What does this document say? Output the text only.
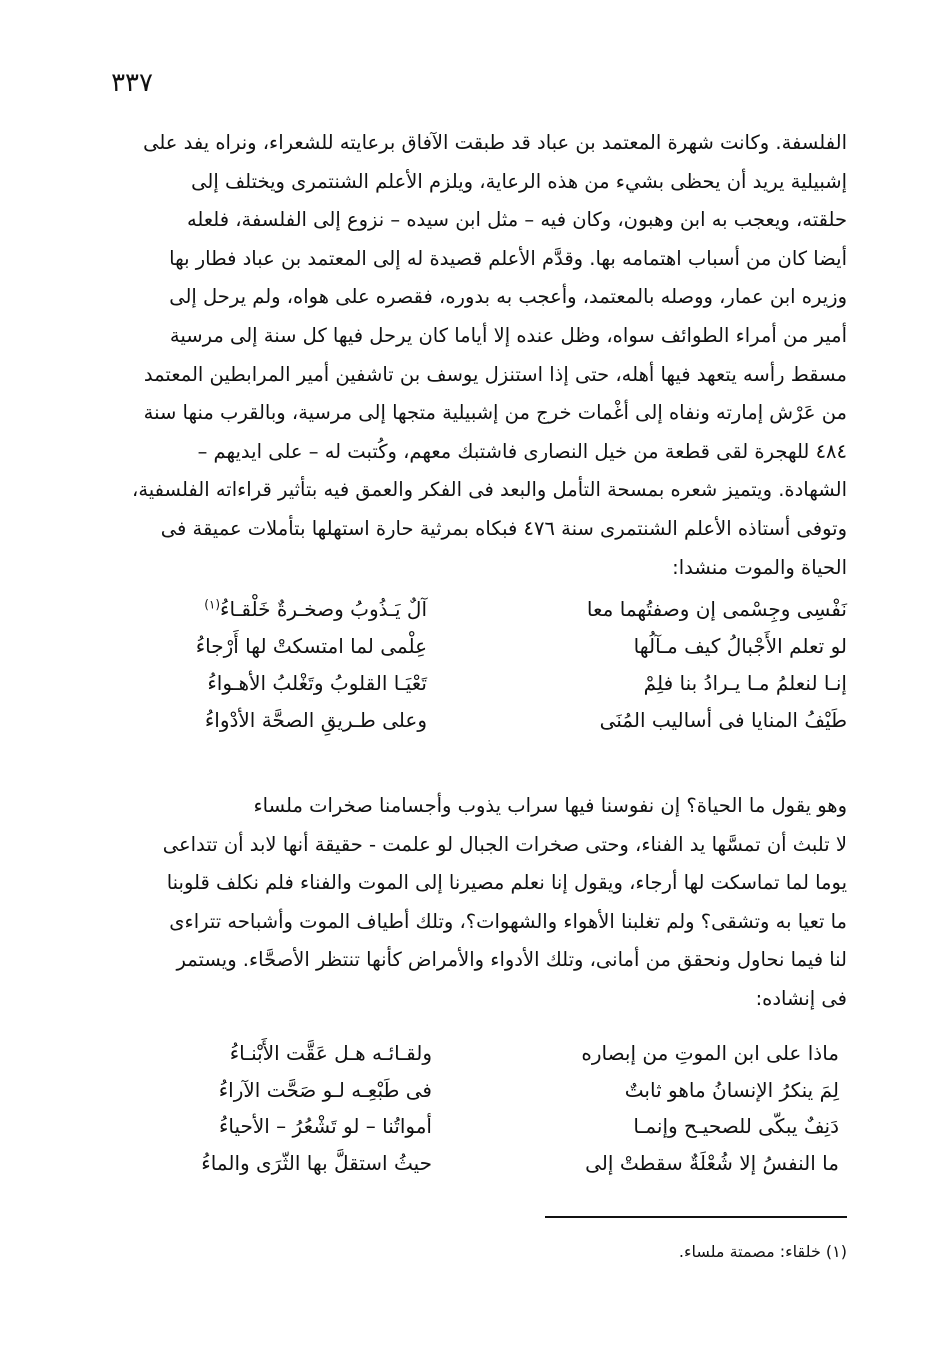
٣٣٧
الفلسفة. وكانت شهرة المعتمد بن عباد قد طبقت الآفاق برعايته للشعراء، ونراه يفد على
إشبيلية يريد أن يحظى بشيء من هذه الرعاية، ويلزم الأعلم الشنتمرى ويختلف إلى
حلقته، ويعجب به ابن وهبون، وكان فيه – مثل ابن سيده – نزوع إلى الفلسفة، فلعله
أيضا كان من أسباب اهتمامه بها. وقدَّم الأعلم قصيدة له إلى المعتمد بن عباد فطار بها
وزيره ابن عمار، ووصله بالمعتمد، وأعجب به بدوره، فقصره على هواه، ولم يرحل إلى
أمير من أمراء الطوائف سواه، وظل عنده إلا أياما كان يرحل فيها كل سنة إلى مرسية
مسقط رأسه يتعهد فيها أهله، حتى إذا استنزل يوسف بن تاشفين أمير المرابطين المعتمد
من عَرْش إمارته ونفاه إلى أغْمات خرج من إشبيلية متجها إلى مرسية، وبالقرب منها سنة
٤٨٤ للهجرة لقى قطعة من خيل النصارى فاشتبك معهم، وكُتبت له – على ايديهم –
الشهادة. ويتميز شعره بمسحة التأمل والبعد فى الفكر والعمق فيه بتأثير قراءاته الفلسفية،
وتوفى أستاذه الأعلم الشنتمرى سنة ٤٧٦ فبكاه بمرثية حارة استهلها بتأملات عميقة فى
الحياة والموت منشدا:
نَفْسِى وجِسْمى إن وصفتُهما معا
آلٌ يَـذُوبُ وصخـرةٌ خَلْقـاءُ$^{(١)}$
لو تعلم الأَجْبالُ كيف مـآلُها
عِلْمى لما امتسكتْ لها أَرْجاءُ
إنـا لنعلمُ مـا يـرادُ بنا فلِمْ
تَعْيَـا القلوبُ وتَغْلبُ الأهـواءُ
طَيْفُ المنايا فى أساليب المُنَى
وعلى طـريقِ الصحَّة الأدْواءُ
وهو يقول ما الحياة؟ إن نفوسنا فيها سراب يذوب وأجسامنا صخرات ملساء
لا تلبث أن تمسَّها يد الفناء، وحتى صخرات الجبال لو علمت - حقيقة أنها لابد أن تتداعى
يوما لما تماسكت لها أرجاء، ويقول إنا نعلم مصيرنا إلى الموت والفناء فلم نكلف قلوبنا
ما تعيا به وتشقى؟ ولم تغلبنا الأهواء والشهوات؟، وتلك أطياف الموت وأشباحه تتراءى
لنا فيما نحاول ونحقق من أمانى، وتلك الأدواء والأمراض كأنها تنتظر الأصحَّاء. ويستمر
فى إنشاده:
ماذا على ابن الموتِ من إبصاره
ولقـائـه هـل عَقَّت الأَبْنـاءُ
لِمَ ينكرُ الإنسانُ ماهو ثابتٌ
فى طَبْعِـه لـو صَحَّت الآراءُ
دَنِفٌ يبكّى للصحيـح وإنمـا
أمواتُنا – لو تَشْعُرُ – الأحياءُ
ما النفسُ إلا شُعْلَةٌ سقطتْ إلى
حيثُ استقلَّ بها الثّرَى والماءُ
(١) خلقاء: مصمتة ملساء.
